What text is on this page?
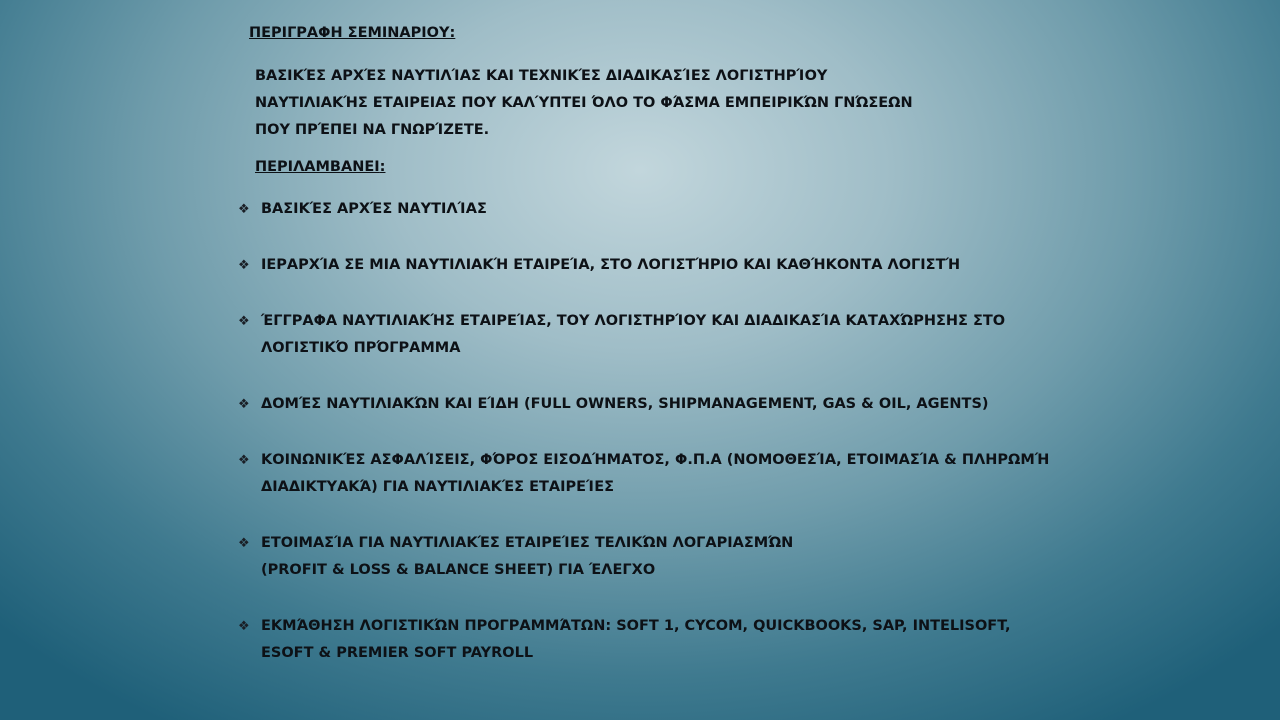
ΠΕΡΙΓΡΑΦΗ ΣΕΜΙΝΑΡΙΟΥ:
ΒΑΣΙΚΈΣ ΑΡΧΈΣ ΝΑΥΤΙΛΊΑΣ ΚΑΙ ΤΕΧΝΙΚΈΣ ΔΙΑΔΙΚΑΣΊΕΣ ΛΟΓΙΣΤΗΡΊΟΥ
ΝΑΥΤΙΛΙΑΚΉΣ ΕΤΑΙΡΕΙΑΣ ΠΟΥ ΚΑΛΎΠΤΕΙ ΌΛΟ ΤΟ ΦΆΣΜΑ ΕΜΠΕΙΡΙΚΏΝ ΓΝΏΣΕΩΝ
ΠΟΥ ΠΡΈΠΕΙ ΝΑ ΓΝΩΡΊΖΕΤΕ.
ΠΕΡΙΛΑΜΒΑΝΕΙ:
❖ ΒΑΣΙΚΈΣ ΑΡΧΈΣ ΝΑΥΤΙΛΊΑΣ
❖ ΙΕΡΑΡΧΊΑ ΣΕ ΜΙΑ ΝΑΥΤΙΛΙΑΚΉ ΕΤΑΙΡΕΊΑ, ΣΤΟ ΛΟΓΙΣΤΉΡΙΟ ΚΑΙ ΚΑΘΉΚΟΝΤΑ ΛΟΓΙΣΤΉ
❖ ΈΓΓΡΑΦΑ ΝΑΥΤΙΛΙΑΚΉΣ ΕΤΑΙΡΕΊΑΣ, ΤΟΥ ΛΟΓΙΣΤΗΡΊΟΥ ΚΑΙ ΔΙΑΔΙΚΑΣΊΑ ΚΑΤΑΧΏΡΗΣΗΣ ΣΤΟ
ΛΟΓΙΣΤΙΚΌ ΠΡΌΓΡΑΜΜΑ
❖ ΔΟΜΈΣ ΝΑΥΤΙΛΙΑΚΏΝ ΚΑΙ ΕΊΔΗ (FULL OWNERS, SHIPMANAGEMENT, GAS & OIL, AGENTS)
❖ ΚΟΙΝΩΝΙΚΈΣ ΑΣΦΑΛΊΣΕΙΣ, ΦΌΡΟΣ ΕΙΣΟΔΉΜΑΤΟΣ, Φ.Π.Α (ΝΟΜΟΘΕΣΊΑ, ΕΤΟΙΜΑΣΊΑ & ΠΛΗΡΩΜΉ
ΔΙΑΔΙΚΤΥΑΚΆ) ΓΙΑ ΝΑΥΤΙΛΙΑΚΈΣ ΕΤΑΙΡΕΊΕΣ
❖ ΕΤΟΙΜΑΣΊΑ ΓΙΑ ΝΑΥΤΙΛΙΑΚΈΣ ΕΤΑΙΡΕΊΕΣ ΤΕΛΙΚΏΝ ΛΟΓΑΡΙΑΣΜΏΝ
(PROFIT & LOSS & BALANCE SHEET) ΓΙΑ ΈΛΕΓΧΟ
❖ ΕΚΜΆΘΗΣΗ ΛΟΓΙΣΤΙΚΏΝ ΠΡΟΓΡΑΜΜΆΤΩΝ: SOFT 1, CYCOM, QUICKBOOKS, SAP, INTELISOFT,
ESOFT & PREMIER SOFT PAYROLL
